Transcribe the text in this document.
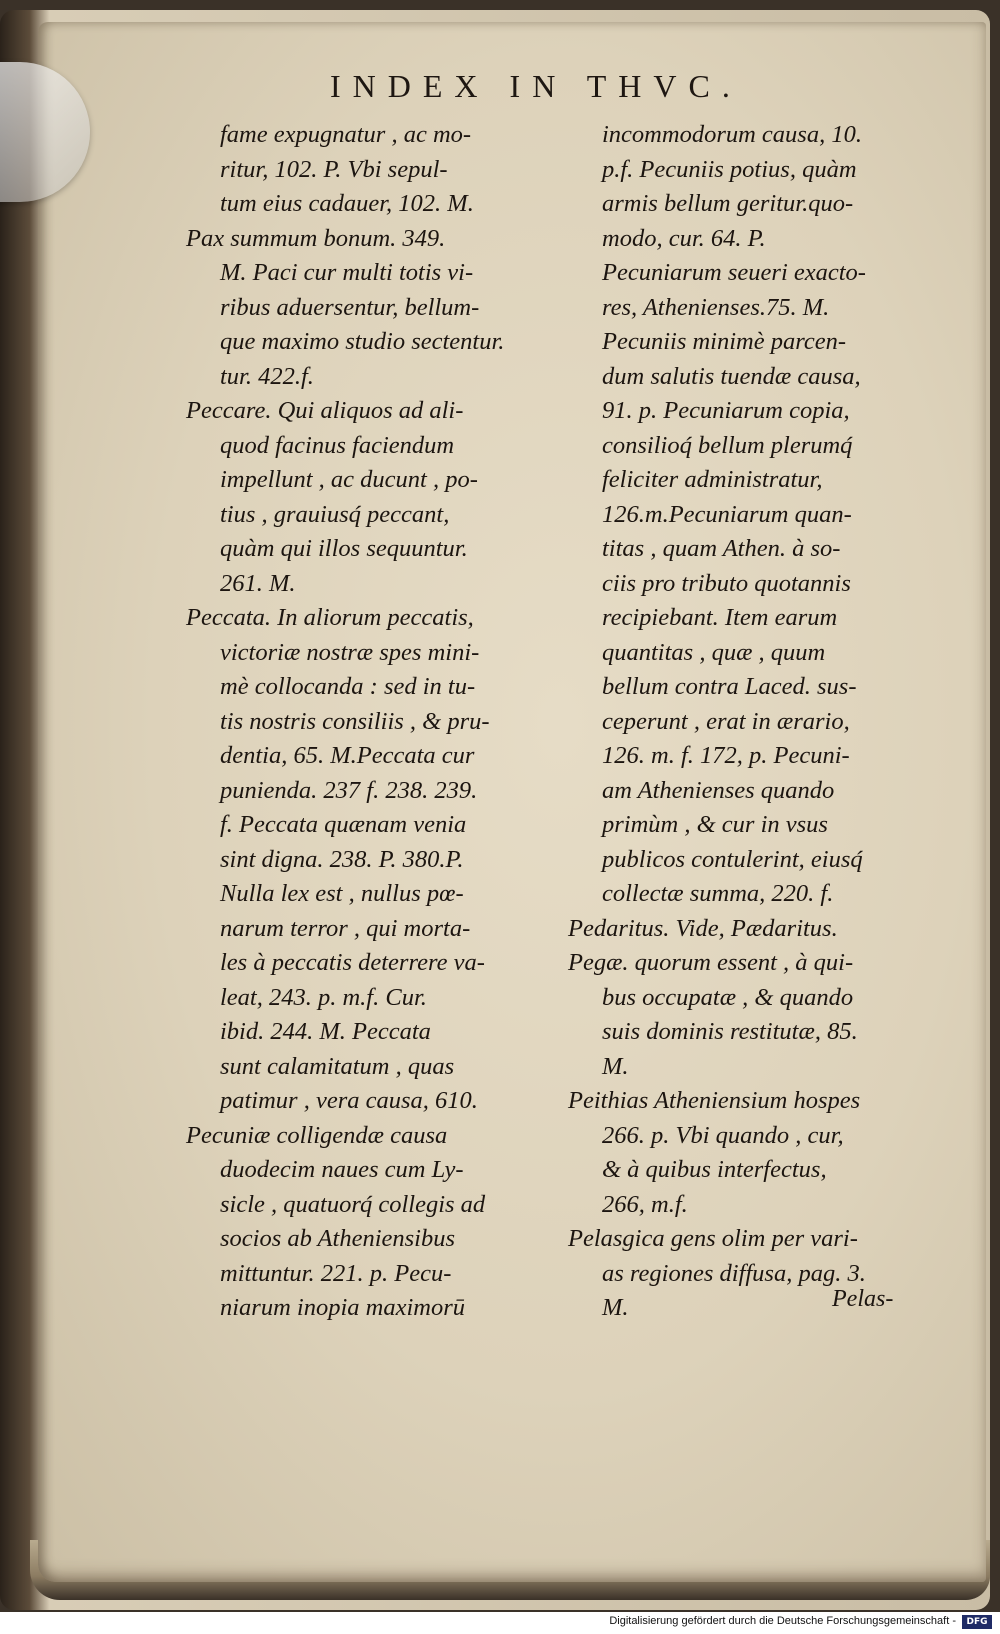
INDEX IN THVC.
fame expugnatur , ac mo-
ritur, 102. P. Vbi sepul-
tum eius cadauer, 102. M.
Pax summum bonum. 349.
M. Paci cur multi totis vi-
ribus aduersentur, bellum-
que maximo studio sectentur.
tur. 422.f.
Peccare. Qui aliquos ad ali-
quod facinus faciendum
impellunt , ac ducunt , po-
tius , grauiusq́ peccant,
quàm qui illos sequuntur.
261. M.
Peccata. In aliorum peccatis,
victoriæ nostræ spes mini-
mè collocanda : sed in tu-
tis nostris consiliis , & pru-
dentia, 65. M.Peccata cur
punienda. 237 f. 238. 239.
f. Peccata quænam venia
sint digna. 238. P. 380.P.
Nulla lex est , nullus pœ-
narum terror , qui morta-
les à peccatis deterrere va-
leat, 243. p. m.f. Cur.
ibid. 244. M. Peccata
sunt calamitatum , quas
patimur , vera causa, 610.
Pecuniæ colligendæ causa
duodecim naues cum Ly-
sicle , quatuorq́ collegis ad
socios ab Atheniensibus
mittuntur. 221. p. Pecu-
niarum inopia maximorū
incommodorum causa, 10.
p.f. Pecuniis potius, quàm
armis bellum geritur.quo-
modo, cur. 64. P.
Pecuniarum seueri exacto-
res, Athenienses.75. M.
Pecuniis minimè parcen-
dum salutis tuendæ causa,
91. p. Pecuniarum copia,
consilioq́ bellum plerumq́
feliciter administratur,
126.m.Pecuniarum quan-
titas , quam Athen. à so-
ciis pro tributo quotannis
recipiebant. Item earum
quantitas , quæ , quum
bellum contra Laced. sus-
ceperunt , erat in ærario,
126. m. f. 172, p. Pecuni-
am Athenienses quando
primùm , & cur in vsus
publicos contulerint, eiusq́
collectæ summa, 220. f.
Pedaritus. Vide, Pædaritus.
Pegæ. quorum essent , à qui-
bus occupatæ , & quando
suis dominis restitutæ, 85.
M.
Peithias Atheniensium hospes
266. p. Vbi quando , cur,
& à quibus interfectus,
266, m.f.
Pelasgica gens olim per vari-
as regiones diffusa, pag. 3.
M.	Pelas-
Digitalisierung gefördert durch die Deutsche Forschungsgemeinschaft -	DFG
